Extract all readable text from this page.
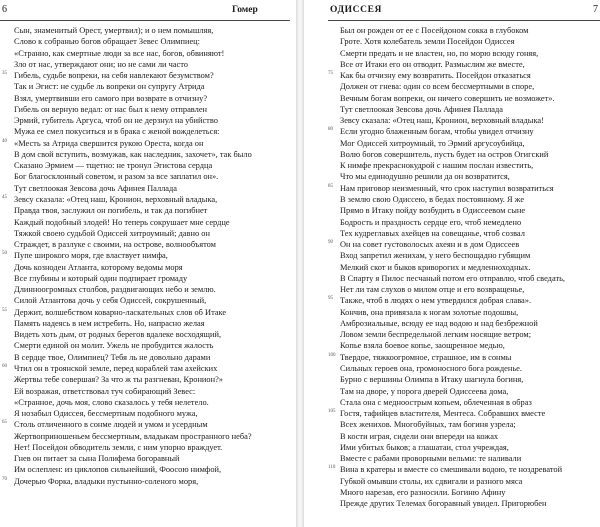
6	Гомер
Сын, знаменитый Орест, умертвил); и о нем помышляя,
Слово к собранью богов обращает Зевес Олимпиец:
«Странно, как смертные люди за все нас, богов, обвиняют!
Зло от нас, утверждают они; но не сами ли часто
35 Гибель, судьбе вопреки, на себя навлекают безумством?
Так и Эгист: не судьбе ль вопреки он супругу Атрида
Взял, умертвивши его самого при возврате в отчизну?
Гибель он верную ведал: от нас был к нему отправлен
Эрмий, губитель Аргуса, чтоб он не дерзнул на убийство
Мужа ее смел покуситься и в брака с женой вожделеться:
40 «Месть за Атрида свершится рукою Ореста, когда он
В дом свой вступить, возмужав, как наследник, захочет», так было
Сказано Эрмием — тщетно: не тронул Эгистова сердца
Бог благосклонный советом, и разом за все заплатил он».
Тут светлоокая Зевсова дочь Афинея Паллада
45 Зевсу сказала: «Отец наш, Кронион, верховный владыка,
Правда твоя, заслужил он погибель, и так да погибнет
Каждый подобный злодей! Но теперь сокрушает мне сердце
Тяжкой своею судьбой Одиссей хитроумный; давно он
Страждет, в разлуке с своими, на острове, волнообъятом
50 Пупе широкого моря, где властвует нимфа,
Дочь козноден Атланта, которому ведомы моря
Все глубины и который один подпирает громаду
Длинноогромных столбов, раздвигающих небо и землю.
Силой Атлантова дочь у себя Одиссей, сокрушенный,
55 Держит, волшебством коварно-ласкательных слов об Итаке
Память надеясь в нем истребить. Но, напрасно желая
Видеть хоть дым, от родных берегов вдалеке восходящий,
Смерти единой он молит. Ужель не пробудится жалость
В сердце твое, Олимпиец? Тебя ль не довольно дарами
60 Чтил он в троянской земле, перед кораблей там ахейских
Жертвы тебе совершая? За что ж ты разгневан, Кронион?»
Ей возражая, ответствовал туч собирающий Зевес:
«Странное, дочь моя, слово сказалось у тебя нелетело.
Я нозабыл Одиссея, бессмертным подобного мужа,
65 Столь отличенного в сонме людей и умом и усердным
Жертвоприношеньем бессмертным, владыкам пространного неба?
Нет! Посейдон обводитель земли, с ним упорно враждует.
Гнев он питает за сына Полифема богоравный
Им ослеплен: из циклопов сильнейший, Фоосою нимфой,
70 Дочерью Форка, владыки пустынно-соленого моря,
ОДИССЕЯ	7
Был он рожден от ее с Посейдоном сокка в глубоком
Гроте. Хотя колебатель земли Посейдон Одиссея
Смерти предать и не властен, но, по морю всюду гоняя,
Все от Итаки его он отводит. Размыслим же вместе,
75 Как бы отчизну ему возвратить. Посейдон отказаться
Должен от гнева: один со всем бессмертными в споре,
Вечным богам вопреки, он ничего совершить не возможет».
Тут светлоокая Зевсова дочь Афинея Паллада
Зевсу сказала: «Отец наш, Кронион, верховный владыка!
80 Если угодно блаженным богам, чтобы увидел отчизну
Мог Одиссей хитроумный, то Эрмий аргусоубийца,
Волю богов совершитель, пусть будет на остров Огигский
К нимфе прекраснокудрой с нашим послан известить,
Что мы единодушно решили да он возвратится,
85 Нам приговор неизменный, что срок наступил возвратиться
В землю свою Одиссею, в бедах постоянному. Я же
Прямо в Итаку пойду возбудить в Одиссеевом сыне
Бодрость и праздность сердце его, чтоб немедлено
Тех кудреглавых ахейцев на совещанье, чтоб созвал
90 Он на совет густоволосых ахеян и в дом Одиссеев
Вход запретил женихам, у него беспощадно губящим
Мелкий скот и быков криворогих и медленноходных.
В Спарту я Пилос песчаный потом его отправлю, чтоб сведать,
Нет ли там слухов о милом отце и его возвращенье,
95 Также, чтоб в людях о нем утвердился добрая слава».
Кончив, она привязала к ногам золотые подошвы,
Амброзиальные, всюду ее над водою и над безбрежной
Ловом земли беспредельной легким носящие ветром;
Копье взяла боевое копье, заощренное медью,
100 Твердое, тяжкоогромное, страшное, им в сонмы
Сильных героев она, громоносного бога рожденье.
Бурно с вершины Олимпа в Итаку шагнула богиня,
Там на дворе, у порога дверей Одиссеева дома,
Стала она с медноострым копьем, облеченная в образ
105 Гостя, тафийцев властителя, Ментеса. Собравших вместе
Всех женихов. Многобуйных, там богиня узрела;
В кости играя, сидели они впереди на кожах
Ими убитых быков; а глашатаи, стол учреждая,
Вместе с рабами проворными вельми: те наливали
110 Вина в кратеры и вместе со смешивали водою, те ноздреватой
Губкой омывши столы, их сдвигали и разного мяса
Много нарезав, его разносили. Богиню Афину
Прежде других Телемах богоравный увидел. Пригорюбен
